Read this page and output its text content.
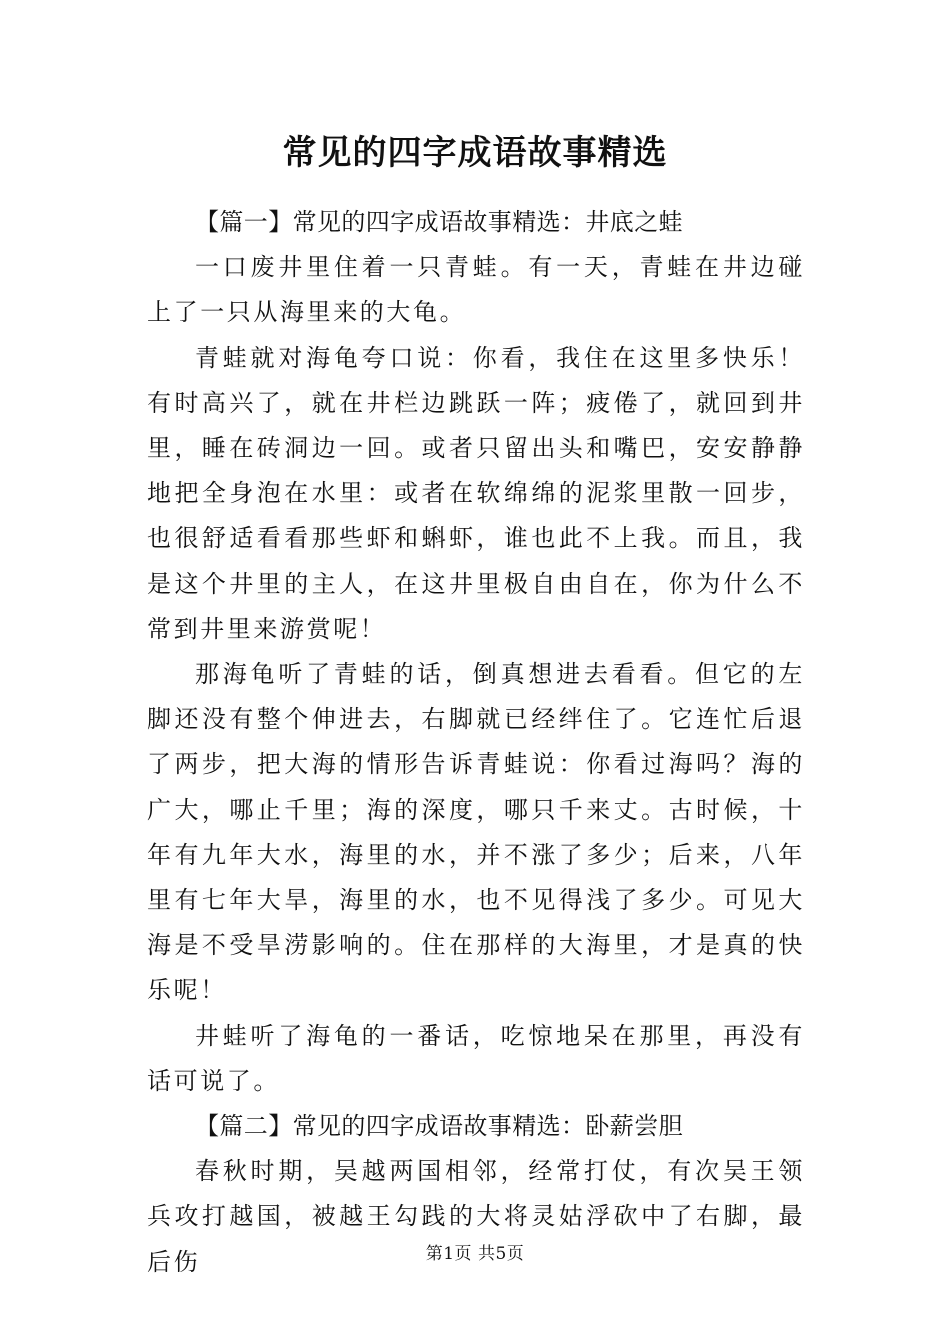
常见的四字成语故事精选

【篇一】常见的四字成语故事精选：井底之蛙

一口废井里住着一只青蛙。有一天，青蛙在井边碰上了一只从海里来的大龟。

青蛙就对海龟夸口说：你看，我住在这里多快乐！有时高兴了，就在井栏边跳跃一阵；疲倦了，就回到井里，睡在砖洞边一回。或者只留出头和嘴巴，安安静静地把全身泡在水里：或者在软绵绵的泥浆里散一回步，也很舒适看看那些虾和蝌虾，谁也此不上我。而且，我是这个井里的主人，在这井里极自由自在，你为什么不常到井里来游赏呢！

那海龟听了青蛙的话，倒真想进去看看。但它的左脚还没有整个伸进去，右脚就已经绊住了。它连忙后退了两步，把大海的情形告诉青蛙说：你看过海吗？海的广大，哪止千里；海的深度，哪只千来丈。古时候，十年有九年大水，海里的水，并不涨了多少；后来，八年里有七年大旱，海里的水，也不见得浅了多少。可见大海是不受旱涝影响的。住在那样的大海里，才是真的快乐呢！

井蛙听了海龟的一番话，吃惊地呆在那里，再没有话可说了。

【篇二】常见的四字成语故事精选：卧薪尝胆

春秋时期，吴越两国相邻，经常打仗，有次吴王领兵攻打越国，被越王勾践的大将灵姑浮砍中了右脚，最后伤	第1页 共5页
